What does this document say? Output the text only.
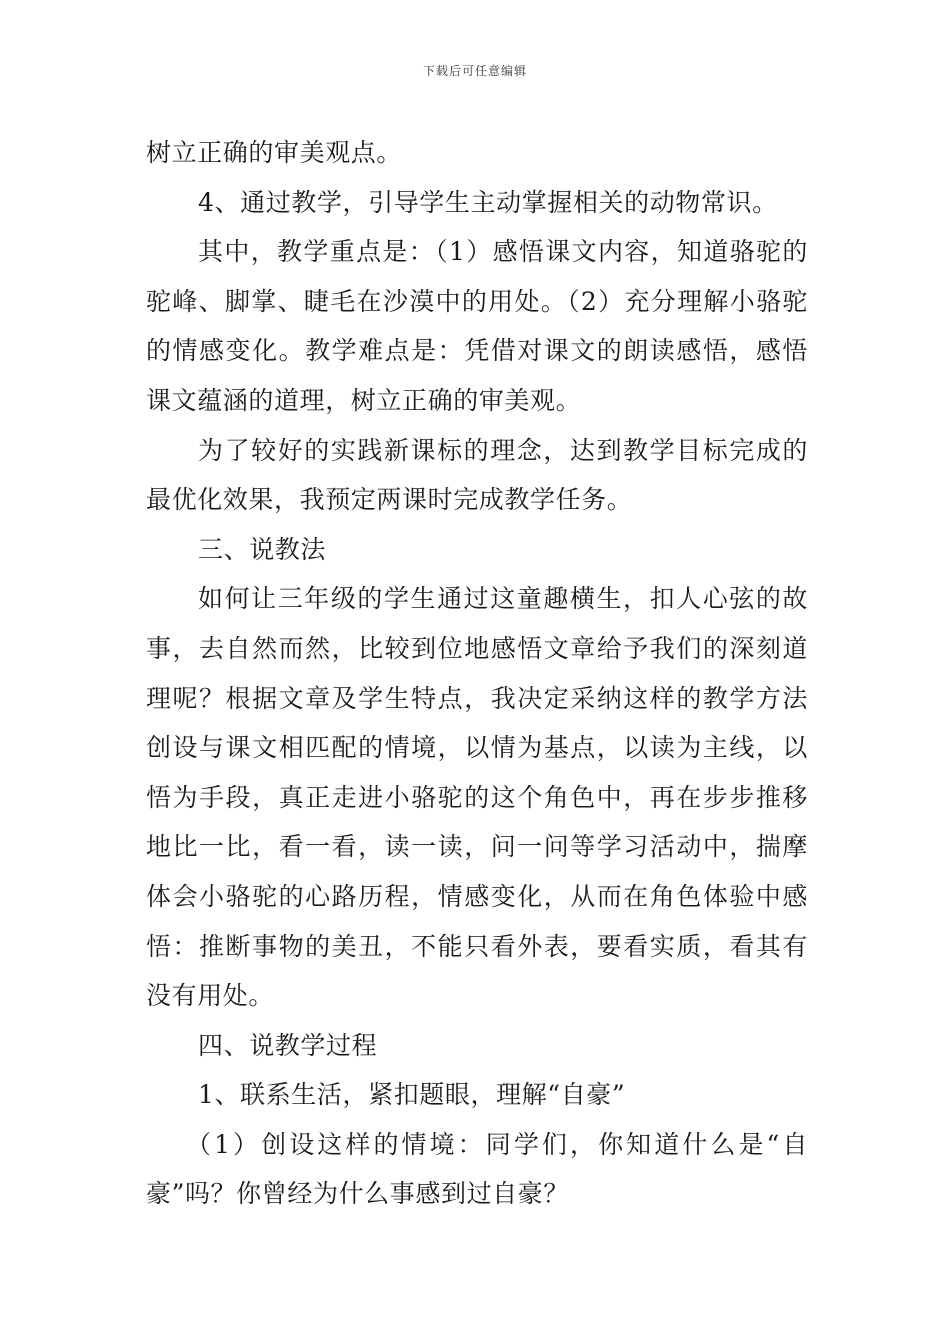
下载后可任意编辑

树立正确的审美观点。

4、通过教学，引导学生主动掌握相关的动物常识。

其中，教学重点是：（1）感悟课文内容，知道骆驼的驼峰、脚掌、睫毛在沙漠中的用处。（2）充分理解小骆驼的情感变化。教学难点是：凭借对课文的朗读感悟，感悟课文蕴涵的道理，树立正确的审美观。

为了较好的实践新课标的理念，达到教学目标完成的最优化效果，我预定两课时完成教学任务。

三、说教法

如何让三年级的学生通过这童趣横生，扣人心弦的故事，去自然而然，比较到位地感悟文章给予我们的深刻道理呢？根据文章及学生特点，我决定采纳这样的教学方法创设与课文相匹配的情境，以情为基点，以读为主线，以悟为手段，真正走进小骆驼的这个角色中，再在步步推移地比一比，看一看，读一读，问一问等学习活动中，揣摩体会小骆驼的心路历程，情感变化，从而在角色体验中感悟：推断事物的美丑，不能只看外表，要看实质，看其有没有用处。

四、说教学过程

1、联系生活，紧扣题眼，理解“自豪”

（1）创设这样的情境：同学们，你知道什么是“自豪”吗？你曾经为什么事感到过自豪？
